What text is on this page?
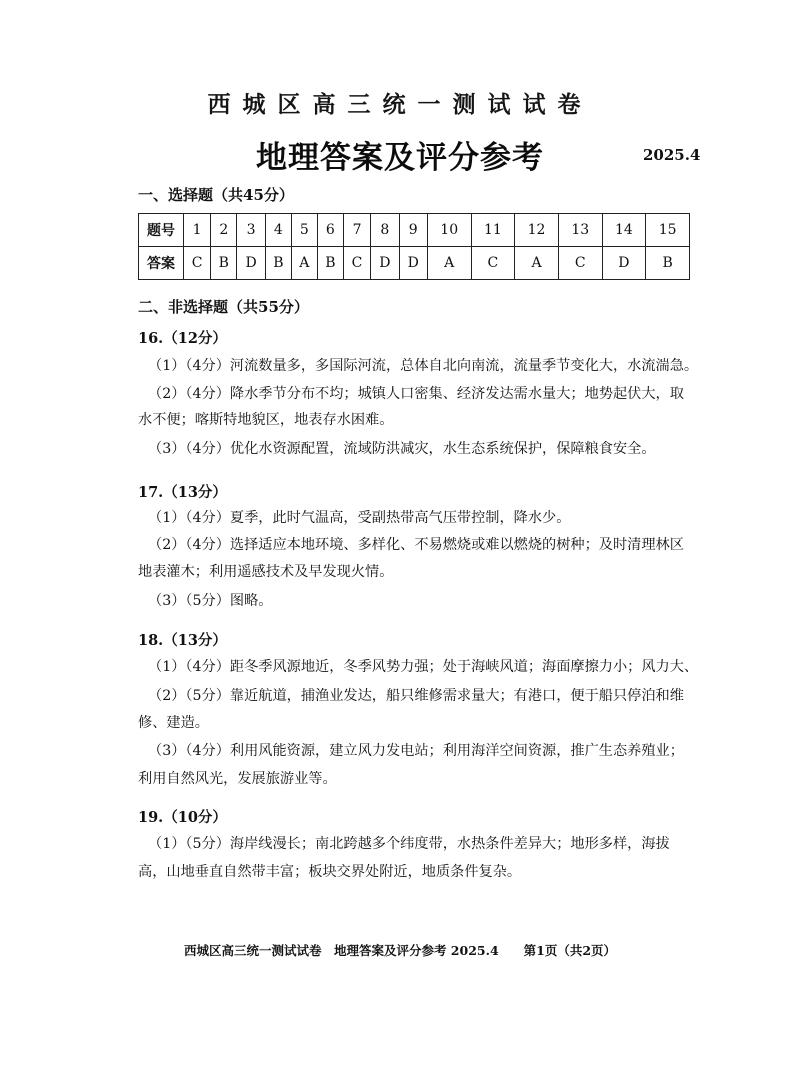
西城区高三统一测试试卷
地理答案及评分参考	2025.4
一、选择题（共45分）
题号	1	2	3	4	5	6	7	8	9	10	11	12	13	14	15
答案	C	B	D	B	A	B	C	D	D	A	C	A	C	D	B
二、非选择题（共55分）
16.（12分）
（1）（4分）河流数量多，多国际河流，总体自北向南流，流量季节变化大，水流湍急。
（2）（4分）降水季节分布不均；城镇人口密集、经济发达需水量大；地势起伏大，取
水不便；喀斯特地貌区，地表存水困难。
（3）（4分）优化水资源配置，流域防洪减灾，水生态系统保护，保障粮食安全。
17.（13分）
（1）（4分）夏季，此时气温高，受副热带高气压带控制，降水少。
（2）（4分）选择适应本地环境、多样化、不易燃烧或难以燃烧的树种；及时清理林区
地表灌木；利用遥感技术及早发现火情。
（3）（5分）图略。
18.（13分）
（1）（4分）距冬季风源地近，冬季风势力强；处于海峡风道；海面摩擦力小；风力大、
（2）（5分）靠近航道，捕渔业发达，船只维修需求量大；有港口，便于船只停泊和维
修、建造。
（3）（4分）利用风能资源，建立风力发电站；利用海洋空间资源，推广生态养殖业；
利用自然风光，发展旅游业等。
19.（10分）
（1）（5分）海岸线漫长；南北跨越多个纬度带，水热条件差异大；地形多样，海拔
高，山地垂直自然带丰富；板块交界处附近，地质条件复杂。
西城区高三统一测试试卷　地理答案及评分参考 2025.4　　第1页（共2页）
